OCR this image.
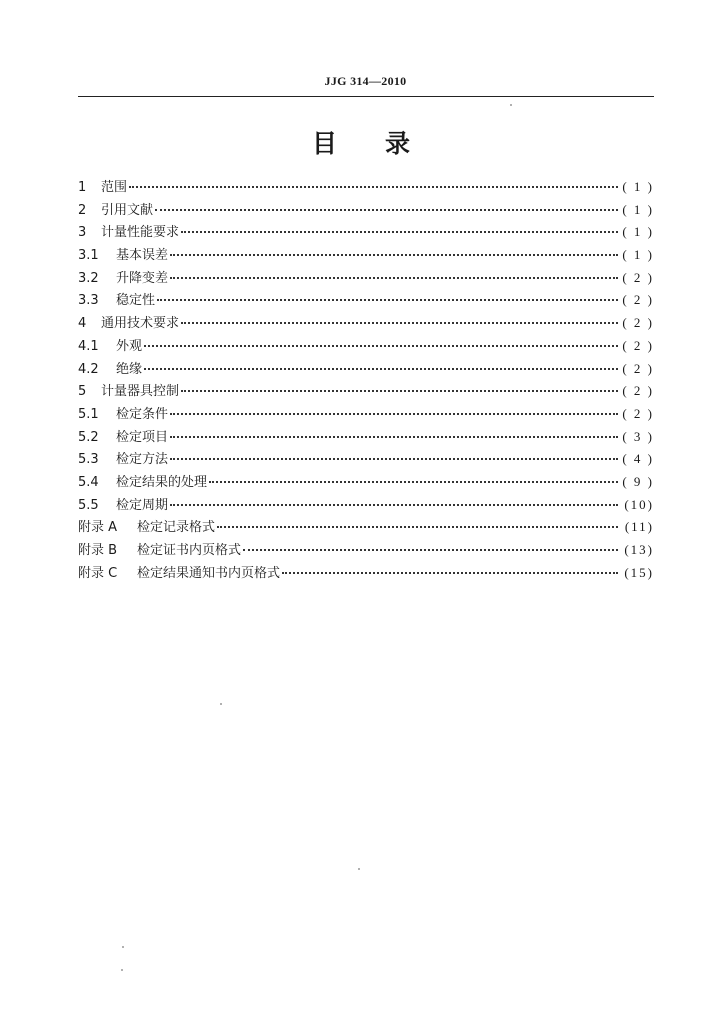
JJG 314—2010
目录
1	范围	( 1 )
2	引用文献	( 1 )
3	计量性能要求	( 1 )
3.1	基本误差	( 1 )
3.2	升降变差	( 2 )
3.3	稳定性	( 2 )
4	通用技术要求	( 2 )
4.1	外观	( 2 )
4.2	绝缘	( 2 )
5	计量器具控制	( 2 )
5.1	检定条件	( 2 )
5.2	检定项目	( 3 )
5.3	检定方法	( 4 )
5.4	检定结果的处理	( 9 )
5.5	检定周期	(10)
附录 A	检定记录格式	(11)
附录 B	检定证书内页格式	(13)
附录 C	检定结果通知书内页格式	(15)
